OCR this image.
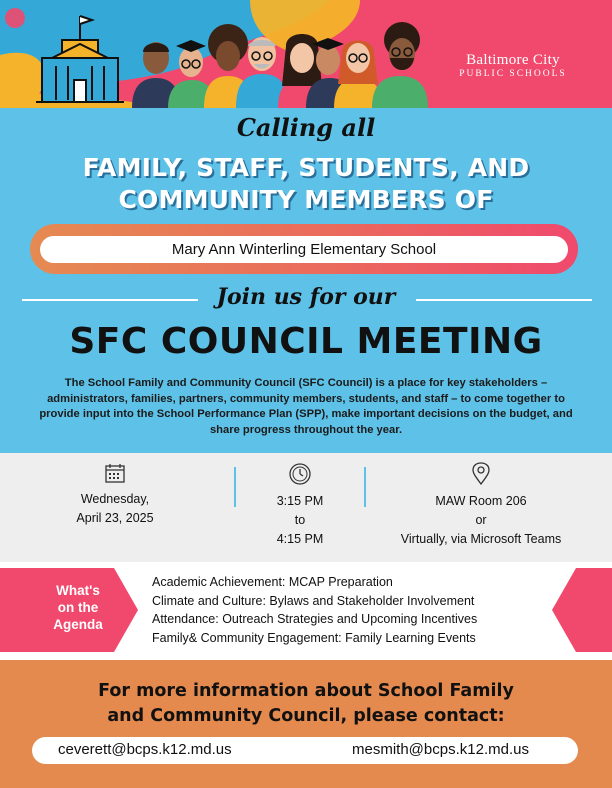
Baltimore City
PUBLIC SCHOOLS
Calling all
FAMILY, STAFF, STUDENTS, AND
COMMUNITY MEMBERS OF
Mary Ann Winterling Elementary School
Join us for our
SFC COUNCIL MEETING
The School Family and Community Council (SFC Council) is a place for key stakeholders – administrators, families, partners, community members, students, and staff – to come together to provide input into the School Performance Plan (SPP), make important decisions on the budget, and share progress throughout the year.
Wednesday,
April 23, 2025
3:15 PM
to
4:15 PM
MAW Room 206
or
Virtually, via Microsoft Teams
What's
on the
Agenda
Academic Achievement: MCAP Preparation
Climate and Culture: Bylaws and Stakeholder Involvement
Attendance: Outreach Strategies and Upcoming Incentives
Family& Community Engagement: Family Learning Events
For more information about School Family
and Community Council, please contact:
ceverett@bcps.k12.md.us	mesmith@bcps.k12.md.us
